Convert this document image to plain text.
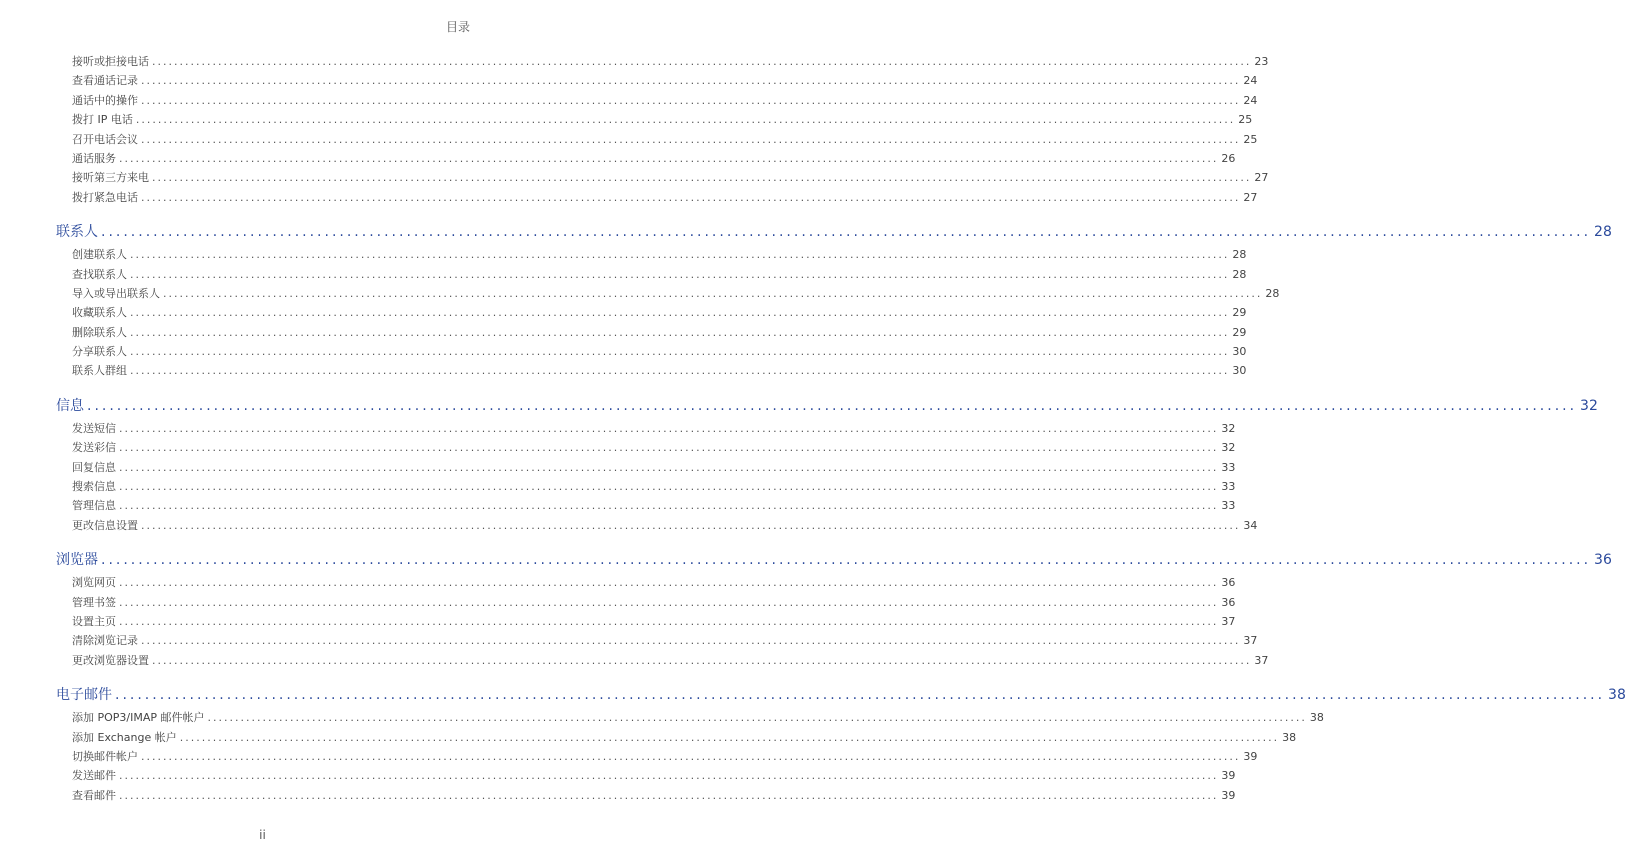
目录
接听或拒接电话 ........................................................................................................................................................................................................ 23
查看通话记录 ........................................................................................................................................................................................................ 24
通话中的操作 ........................................................................................................................................................................................................ 24
拨打 IP 电话 ........................................................................................................................................................................................................ 25
召开电话会议 ........................................................................................................................................................................................................ 25
通话服务 ........................................................................................................................................................................................................ 26
接听第三方来电 ........................................................................................................................................................................................................ 27
拨打紧急电话 ........................................................................................................................................................................................................ 27
联系人 ........................................................................................................................................................................................................ 28
创建联系人 ........................................................................................................................................................................................................ 28
查找联系人 ........................................................................................................................................................................................................ 28
导入或导出联系人 ........................................................................................................................................................................................................ 28
收藏联系人 ........................................................................................................................................................................................................ 29
删除联系人 ........................................................................................................................................................................................................ 29
分享联系人 ........................................................................................................................................................................................................ 30
联系人群组 ........................................................................................................................................................................................................ 30
信息 ........................................................................................................................................................................................................ 32
发送短信 ........................................................................................................................................................................................................ 32
发送彩信 ........................................................................................................................................................................................................ 32
回复信息 ........................................................................................................................................................................................................ 33
搜索信息 ........................................................................................................................................................................................................ 33
管理信息 ........................................................................................................................................................................................................ 33
更改信息设置 ........................................................................................................................................................................................................ 34
浏览器 ........................................................................................................................................................................................................ 36
浏览网页 ........................................................................................................................................................................................................ 36
管理书签 ........................................................................................................................................................................................................ 36
设置主页 ........................................................................................................................................................................................................ 37
清除浏览记录 ........................................................................................................................................................................................................ 37
更改浏览器设置 ........................................................................................................................................................................................................ 37
电子邮件 ........................................................................................................................................................................................................ 38
添加 POP3/IMAP 邮件帐户 ........................................................................................................................................................................................................ 38
添加 Exchange 帐户 ........................................................................................................................................................................................................ 38
切换邮件帐户 ........................................................................................................................................................................................................ 39
发送邮件 ........................................................................................................................................................................................................ 39
查看邮件 ........................................................................................................................................................................................................ 39
ii
